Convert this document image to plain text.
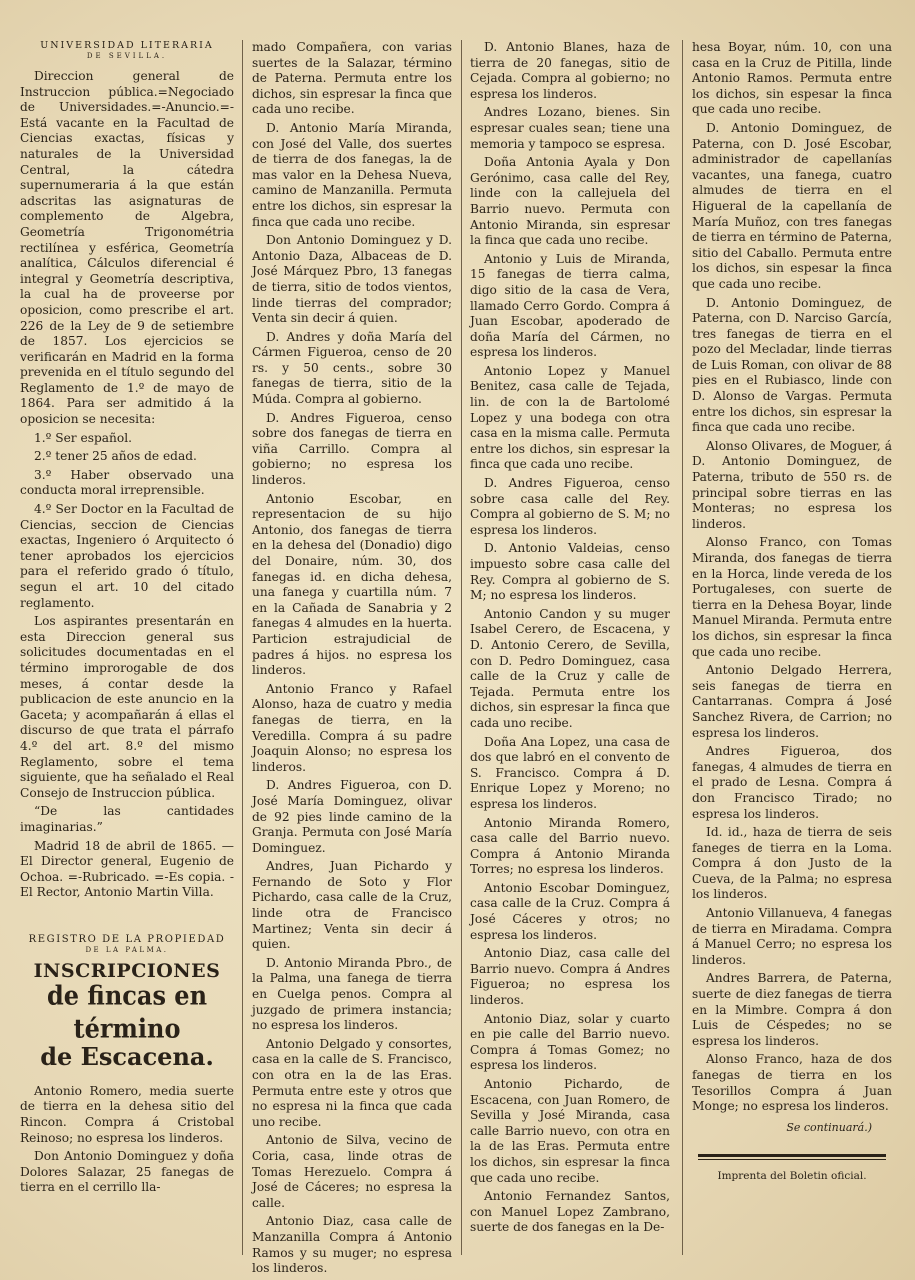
UNIVERSIDAD LITERARIA
DE SEVILLA.

Direccion general de Instruccion pública.=Negociado de Universidades.=-Anuncio.=- Está vacante en la Facultad de Ciencias exactas, físicas y naturales de la Universidad Central, la cátedra supernumeraria á la que están adscritas las asignaturas de complemento de Algebra, Geometría Trigonométria rectilínea y esférica, Geometría analítica, Cálculos diferencial é integral y Geometría descriptiva, la cual ha de proveerse por oposicion, como prescribe el art. 226 de la Ley de 9 de setiembre de 1857. Los ejercicios se verificarán en Madrid en la forma prevenida en el título segundo del Reglamento de 1.º de mayo de 1864. Para ser admitido á la oposicion se necesita:

1.º Ser español.

2.º tener 25 años de edad.

3.º Haber observado una conducta moral irreprensible.

4.º Ser Doctor en la Facultad de Ciencias, seccion de Ciencias exactas, Ingeniero ó Arquitecto ó tener aprobados los ejercicios para el referido grado ó título, segun el art. 10 del citado reglamento.

Los aspirantes presentarán en esta Direccion general sus solicitudes documentadas en el término improrogable de dos meses, á contar desde la publicacion de este anuncio en la Gaceta; y acompañarán á ellas el discurso de que trata el párrafo 4.º del art. 8.º del mismo Reglamento, sobre el tema siguiente, que ha señalado el Real Consejo de Instruccion pública.

“De las cantidades imaginarias.”

Madrid 18 de abril de 1865. — El Director general, Eugenio de Ochoa. =-Rubricado. =-Es copia. -El Rector, Antonio Martin Villa.

REGISTRO DE LA PROPIEDAD
DE LA PALMA.
INSCRIPCIONES
de fincas en término
de Escacena.

Antonio Romero, media suerte de tierra en la dehesa sitio del Rincon. Compra á Cristobal Reinoso; no espresa los linderos.

Don Antonio Dominguez y doña Dolores Salazar, 25 fanegas de tierra en el cerrillo lla-

mado Compañera, con varias suertes de la Salazar, término de Paterna. Permuta entre los dichos, sin espresar la finca que cada uno recibe.

D. Antonio María Miranda, con José del Valle, dos suertes de tierra de dos fanegas, la de mas valor en la Dehesa Nueva, camino de Manzanilla. Permuta entre los dichos, sin espresar la finca que cada uno recibe.

Don Antonio Dominguez y D. Antonio Daza, Albaceas de D. José Márquez Pbro, 13 fanegas de tierra, sitio de todos vientos, linde tierras del comprador; Venta sin decir á quien.

D. Andres y doña María del Cármen Figueroa, censo de 20 rs. y 50 cents., sobre 30 fanegas de tierra, sitio de la Múda. Compra al gobierno.

D. Andres Figueroa, censo sobre dos fanegas de tierra en viña Carrillo. Compra al gobierno; no espresa los linderos.

Antonio Escobar, en representacion de su hijo Antonio, dos fanegas de tierra en la dehesa del (Donadio) digo del Donaire, núm. 30, dos fanegas id. en dicha dehesa, una fanega y cuartilla núm. 7 en la Cañada de Sanabria y 2 fanegas 4 almudes en la huerta. Particion estrajudicial de padres á hijos. no espresa los linderos.

Antonio Franco y Rafael Alonso, haza de cuatro y media fanegas de tierra, en la Veredilla. Compra á su padre Joaquin Alonso; no espresa los linderos.

D. Andres Figueroa, con D. José María Dominguez, olivar de 92 pies linde camino de la Granja. Permuta con José María Dominguez.

Andres, Juan Pichardo y Fernando de Soto y Flor Pichardo, casa calle de la Cruz, linde otra de Francisco Martinez; Venta sin decir á quien.

D. Antonio Miranda Pbro., de la Palma, una fanega de tierra en Cuelga penos. Compra al juzgado de primera instancia; no espresa los linderos.

Antonio Delgado y consortes, casa en la calle de S. Francisco, con otra en la de las Eras. Permuta entre este y otros que no espresa ni la finca que cada uno recibe.

Antonio de Silva, vecino de Coria, casa, linde otras de Tomas Herezuelo. Compra á José de Cáceres; no espresa la calle.

Antonio Diaz, casa calle de Manzanilla Compra á Antonio Ramos y su muger; no espresa los linderos.

D. Antonio Blanes, haza de tierra de 20 fanegas, sitio de Cejada. Compra al gobierno; no espresa los linderos.

Andres Lozano, bienes. Sin espresar cuales sean; tiene una memoria y tampoco se espresa.

Doña Antonia Ayala y Don Gerónimo, casa calle del Rey, linde con la callejuela del Barrio nuevo. Permuta con Antonio Miranda, sin espresar la finca que cada uno recibe.

Antonio y Luis de Miranda, 15 fanegas de tierra calma, digo sitio de la casa de Vera, llamado Cerro Gordo. Compra á Juan Escobar, apoderado de doña María del Cármen, no espresa los linderos.

Antonio Lopez y Manuel Benitez, casa calle de Tejada, lin. de con la de Bartolomé Lopez y una bodega con otra casa en la misma calle. Permuta entre los dichos, sin espresar la finca que cada uno recibe.

D. Andres Figueroa, censo sobre casa calle del Rey. Compra al gobierno de S. M; no espresa los linderos.

D. Antonio Valdeias, censo impuesto sobre casa calle del Rey. Compra al gobierno de S. M; no espresa los linderos.

Antonio Candon y su muger Isabel Cerero, de Escacena, y D. Antonio Cerero, de Sevilla, con D. Pedro Dominguez, casa calle de la Cruz y calle de Tejada. Permuta entre los dichos, sin espresar la finca que cada uno recibe.

Doña Ana Lopez, una casa de dos que labró en el convento de S. Francisco. Compra á D. Enrique Lopez y Moreno; no espresa los linderos.

Antonio Miranda Romero, casa calle del Barrio nuevo. Compra á Antonio Miranda Torres; no espresa los linderos.

Antonio Escobar Dominguez, casa calle de la Cruz. Compra á José Cáceres y otros; no espresa los linderos.

Antonio Diaz, casa calle del Barrio nuevo. Compra á Andres Figueroa; no espresa los linderos.

Antonio Diaz, solar y cuarto en pie calle del Barrio nuevo. Compra á Tomas Gomez; no espresa los linderos.

Antonio Pichardo, de Escacena, con Juan Romero, de Sevilla y José Miranda, casa calle Barrio nuevo, con otra en la de las Eras. Permuta entre los dichos, sin espresar la finca que cada uno recibe.

Antonio Fernandez Santos, con Manuel Lopez Zambrano, suerte de dos fanegas en la De-

hesa Boyar, núm. 10, con una casa en la Cruz de Pitilla, linde Antonio Ramos. Permuta entre los dichos, sin espesar la finca que cada uno recibe.

D. Antonio Dominguez, de Paterna, con D. José Escobar, administrador de capellanías vacantes, una fanega, cuatro almudes de tierra en el Higueral de la capellanía de María Muñoz, con tres fanegas de tierra en término de Paterna, sitio del Caballo. Permuta entre los dichos, sin espesar la finca que cada uno recibe.

D. Antonio Dominguez, de Paterna, con D. Narciso García, tres fanegas de tierra en el pozo del Mecladar, linde tierras de Luis Roman, con olivar de 88 pies en el Rubiasco, linde con D. Alonso de Vargas. Permuta entre los dichos, sin espresar la finca que cada uno recibe.

Alonso Olivares, de Moguer, á D. Antonio Dominguez, de Paterna, tributo de 550 rs. de principal sobre tierras en las Monteras; no espresa los linderos.

Alonso Franco, con Tomas Miranda, dos fanegas de tierra en la Horca, linde vereda de los Portugaleses, con suerte de tierra en la Dehesa Boyar, linde Manuel Miranda. Permuta entre los dichos, sin espresar la finca que cada uno recibe.

Antonio Delgado Herrera, seis fanegas de tierra en Cantarranas. Compra á José Sanchez Rivera, de Carrion; no espresa los linderos.

Andres Figueroa, dos fanegas, 4 almudes de tierra en el prado de Lesna. Compra á don Francisco Tirado; no espresa los linderos.

Id. id., haza de tierra de seis faneges de tierra en la Loma. Compra á don Justo de la Cueva, de la Palma; no espresa los linderos.

Antonio Villanueva, 4 fanegas de tierra en Miradama. Compra á Manuel Cerro; no espresa los linderos.

Andres Barrera, de Paterna, suerte de diez fanegas de tierra en la Mimbre. Compra á don Luis de Céspedes; no se espresa los linderos.

Alonso Franco, haza de dos fanegas de tierra en los Tesorillos Compra á Juan Monge; no espresa los linderos.

Se continuará.)
Imprenta del Boletin oficial.
